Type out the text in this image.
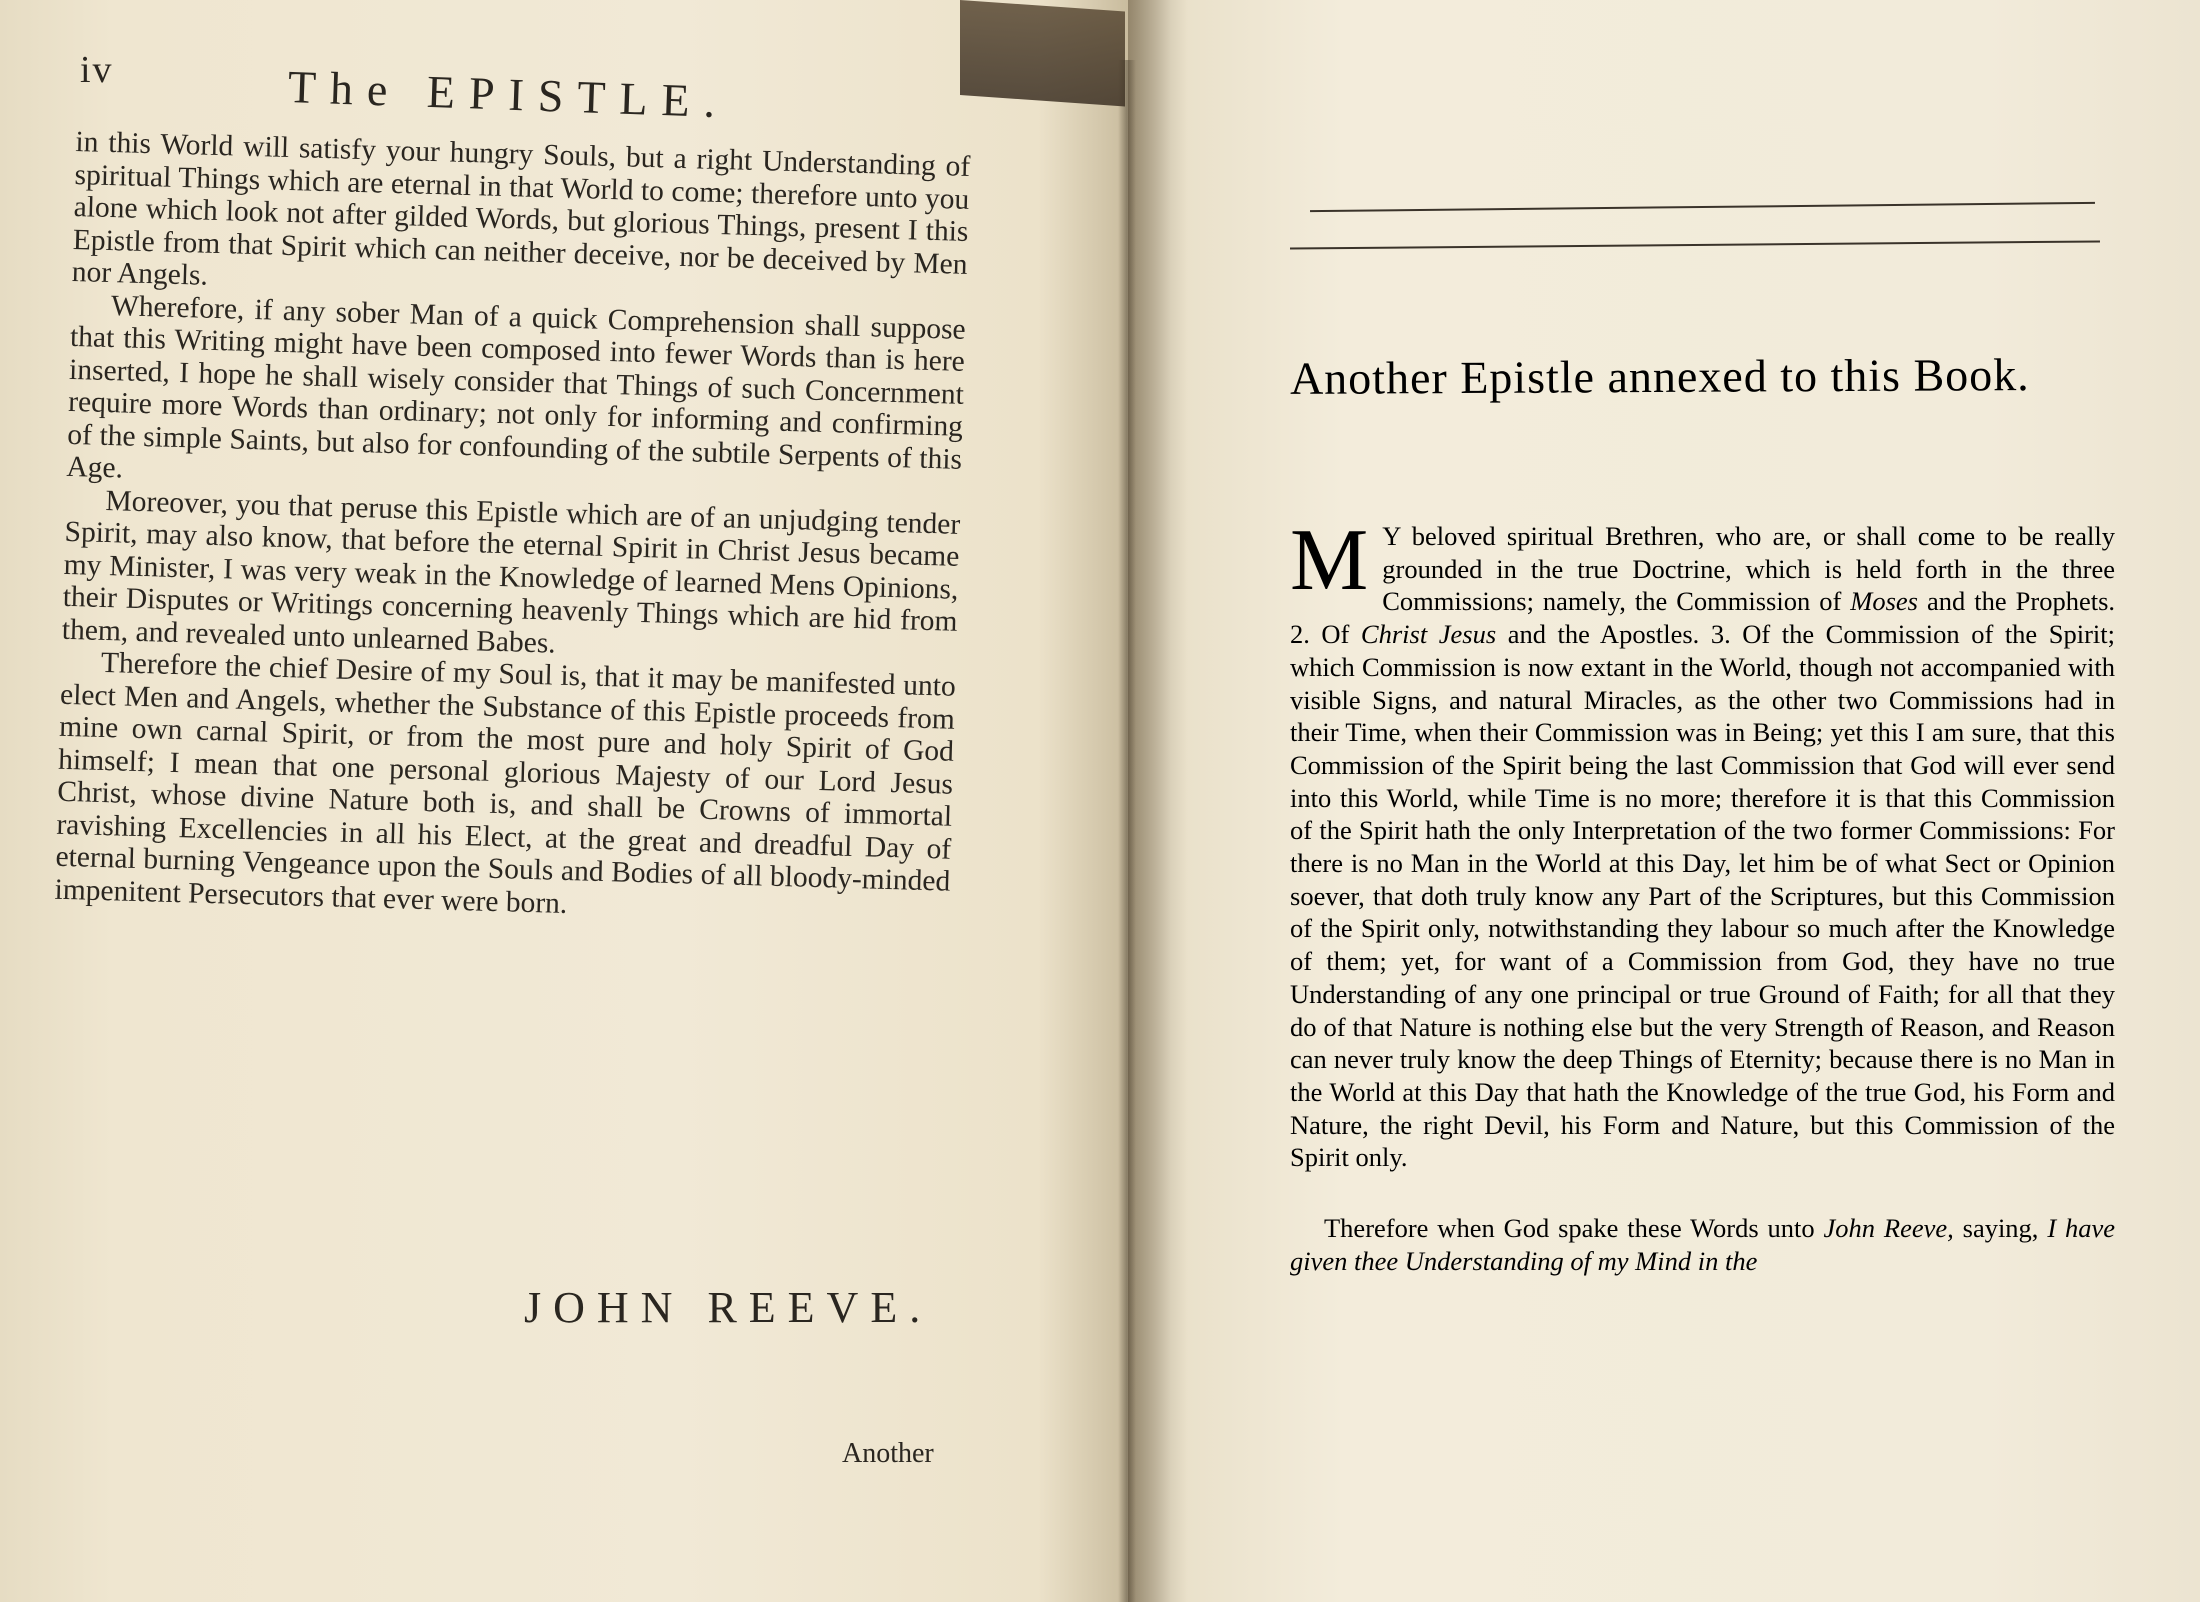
iv	The EPISTLE.

in this World will satisfy your hungry Souls, but a right Understanding of spiritual Things which are eternal in that World to come; therefore unto you alone which look not after gilded Words, but glorious Things, present I this Epistle from that Spirit which can neither deceive, nor be deceived by Men nor Angels.

Wherefore, if any sober Man of a quick Comprehension shall suppose that this Writing might have been composed into fewer Words than is here inserted, I hope he shall wisely consider that Things of such Concernment require more Words than ordinary; not only for informing and confirming of the simple Saints, but also for confounding of the subtile Serpents of this Age.

Moreover, you that peruse this Epistle which are of an unjudging tender Spirit, may also know, that before the eternal Spirit in Christ Jesus became my Minister, I was very weak in the Knowledge of learned Mens Opinions, their Disputes or Writings concerning heavenly Things which are hid from them, and revealed unto unlearned Babes.

Therefore the chief Desire of my Soul is, that it may be manifested unto elect Men and Angels, whether the Substance of this Epistle proceeds from mine own carnal Spirit, or from the most pure and holy Spirit of God himself; I mean that one personal glorious Majesty of our Lord Jesus Christ, whose divine Nature both is, and shall be Crowns of immortal ravishing Excellencies in all his Elect, at the great and dreadful Day of eternal burning Vengeance upon the Souls and Bodies of all bloody-minded impenitent Persecutors that ever were born.

JOHN REEVE.
Another
Another Epistle annexed to this Book.

M Y beloved spiritual Brethren, who are, or shall come to be really grounded in the true Doctrine, which is held forth in the three Commissions; namely, the Commission of Moses and the Prophets. 2. Of Christ Jesus and the Apostles. 3. Of the Commission of the Spirit; which Commission is now extant in the World, though not accompanied with visible Signs, and natural Miracles, as the other two Commissions had in their Time, when their Commission was in Being; yet this I am sure, that this Commission of the Spirit being the last Commission that God will ever send into this World, while Time is no more; therefore it is that this Commission of the Spirit hath the only Interpretation of the two former Commissions: For there is no Man in the World at this Day, let him be of what Sect or Opinion soever, that doth truly know any Part of the Scriptures, but this Commission of the Spirit only, notwithstanding they labour so much after the Knowledge of them; yet, for want of a Commission from God, they have no true Understanding of any one principal or true Ground of Faith; for all that they do of that Nature is nothing else but the very Strength of Reason, and Reason can never truly know the deep Things of Eternity; because there is no Man in the World at this Day that hath the Knowledge of the true God, his Form and Nature, the right Devil, his Form and Nature, but this Commission of the Spirit only.

Therefore when God spake these Words unto John Reeve, saying, I have given thee Understanding of my Mind in the
